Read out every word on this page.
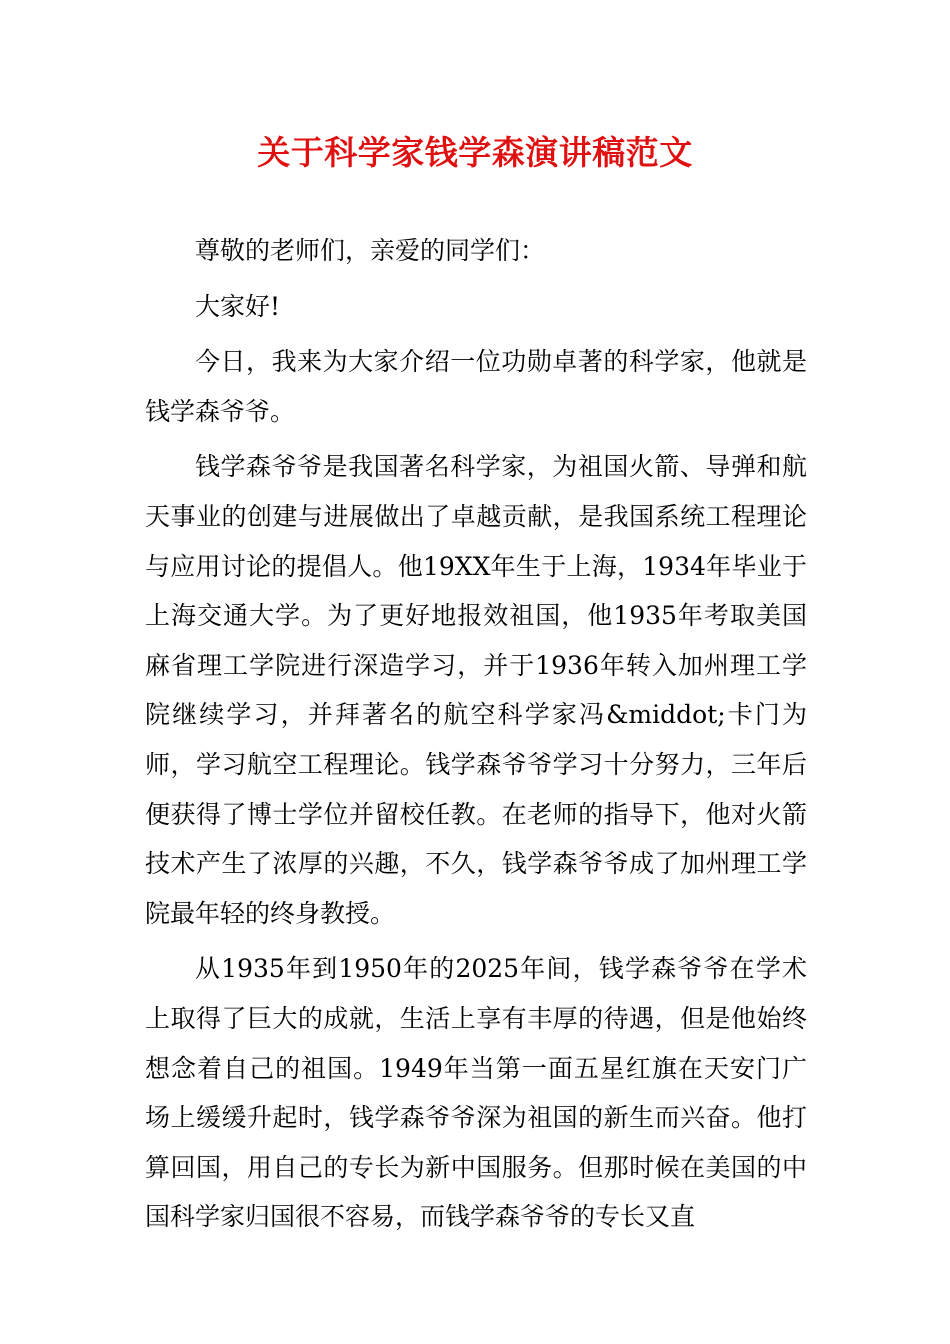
关于科学家钱学森演讲稿范文

尊敬的老师们，亲爱的同学们：

大家好!

今日，我来为大家介绍一位功勋卓著的科学家，他就是钱学森爷爷。

钱学森爷爷是我国著名科学家，为祖国火箭、导弹和航天事业的创建与进展做出了卓越贡献，是我国系统工程理论与应用讨论的提倡人。他19XX年生于上海，1934年毕业于上海交通大学。为了更好地报效祖国，他1935年考取美国麻省理工学院进行深造学习，并于1936年转入加州理工学院继续学习，并拜著名的航空科学家冯&middot;卡门为师，学习航空工程理论。钱学森爷爷学习十分努力，三年后便获得了博士学位并留校任教。在老师的指导下，他对火箭技术产生了浓厚的兴趣，不久，钱学森爷爷成了加州理工学院最年轻的终身教授。

从1935年到1950年的2025年间，钱学森爷爷在学术上取得了巨大的成就，生活上享有丰厚的待遇，但是他始终想念着自己的祖国。1949年当第一面五星红旗在天安门广场上缓缓升起时，钱学森爷爷深为祖国的新生而兴奋。他打算回国，用自己的专长为新中国服务。但那时候在美国的中国科学家归国很不容易，而钱学森爷爷的专长又直
